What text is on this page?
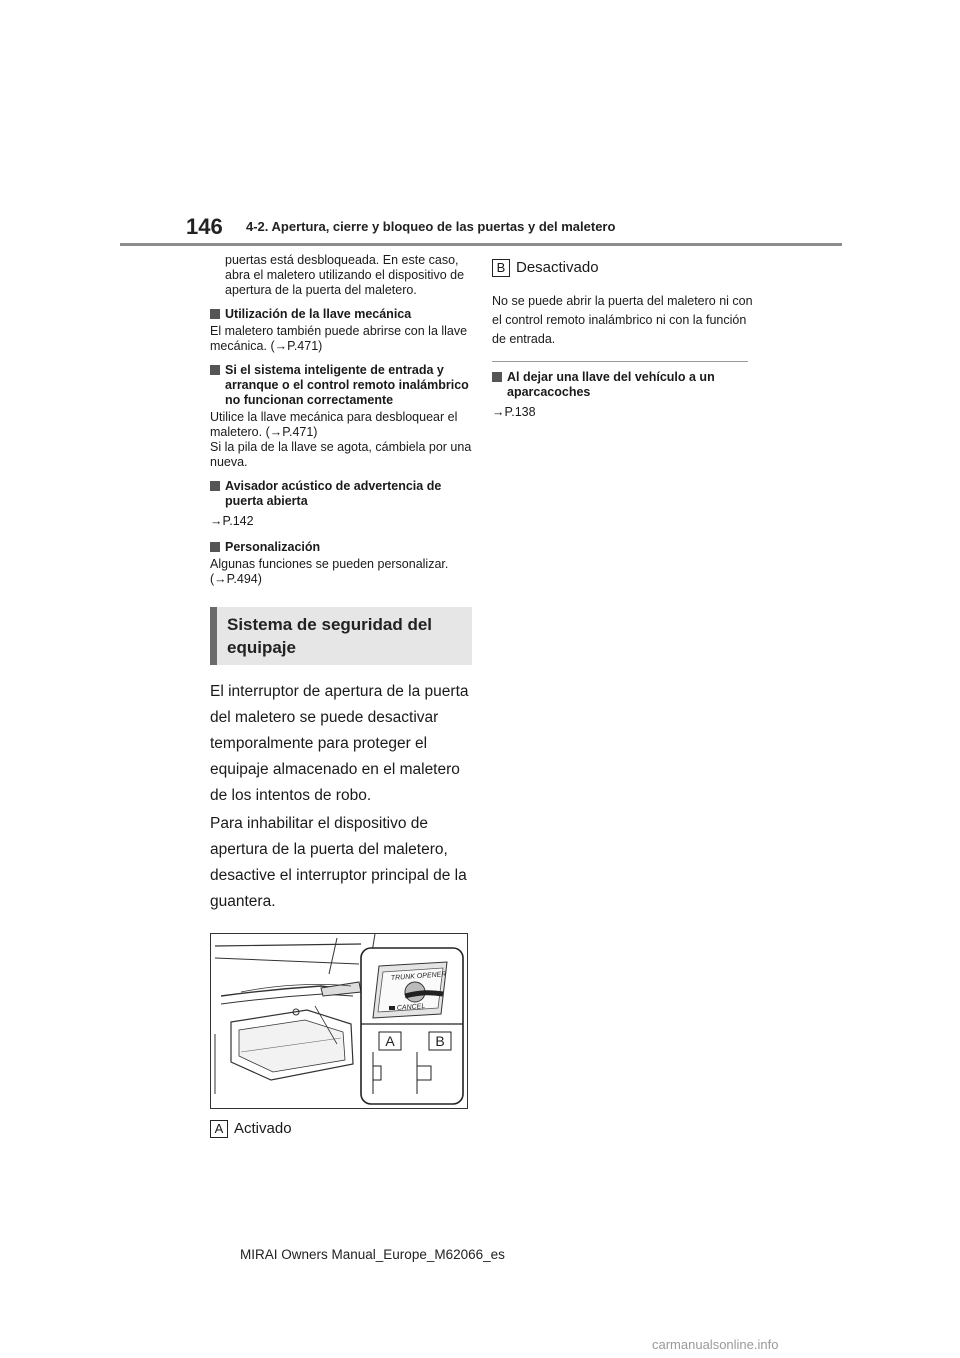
146 4-2. Apertura, cierre y bloqueo de las puertas y del maletero

puertas está desbloqueada. En este caso, abra el maletero utilizando el dispositivo de apertura de la puerta del maletero.

Utilización de la llave mecánica

El maletero también puede abrirse con la llave mecánica. (→P.471)

Si el sistema inteligente de entrada y arranque o el control remoto inalámbrico no funcionan correctamente

Utilice la llave mecánica para desbloquear el maletero. (→P.471)

Si la pila de la llave se agota, cámbiela por una nueva.

Avisador acústico de advertencia de puerta abierta

→P.142

Personalización

Algunas funciones se pueden personalizar. (→P.494)

Sistema de seguridad del equipaje

El interruptor de apertura de la puerta del maletero se puede desactivar temporalmente para proteger el equipaje almacenado en el maletero de los intentos de robo.

Para inhabilitar el dispositivo de apertura de la puerta del maletero, desactive el interruptor principal de la guantera.

TRUNK OPENER
CANCEL
A	B
A Activado
B Desactivado

No se puede abrir la puerta del maletero ni con el control remoto inalámbrico ni con la función de entrada.

Al dejar una llave del vehículo a un aparcacoches

→P.138

MIRAI Owners Manual_Europe_M62066_es
carmanualsonline.info
